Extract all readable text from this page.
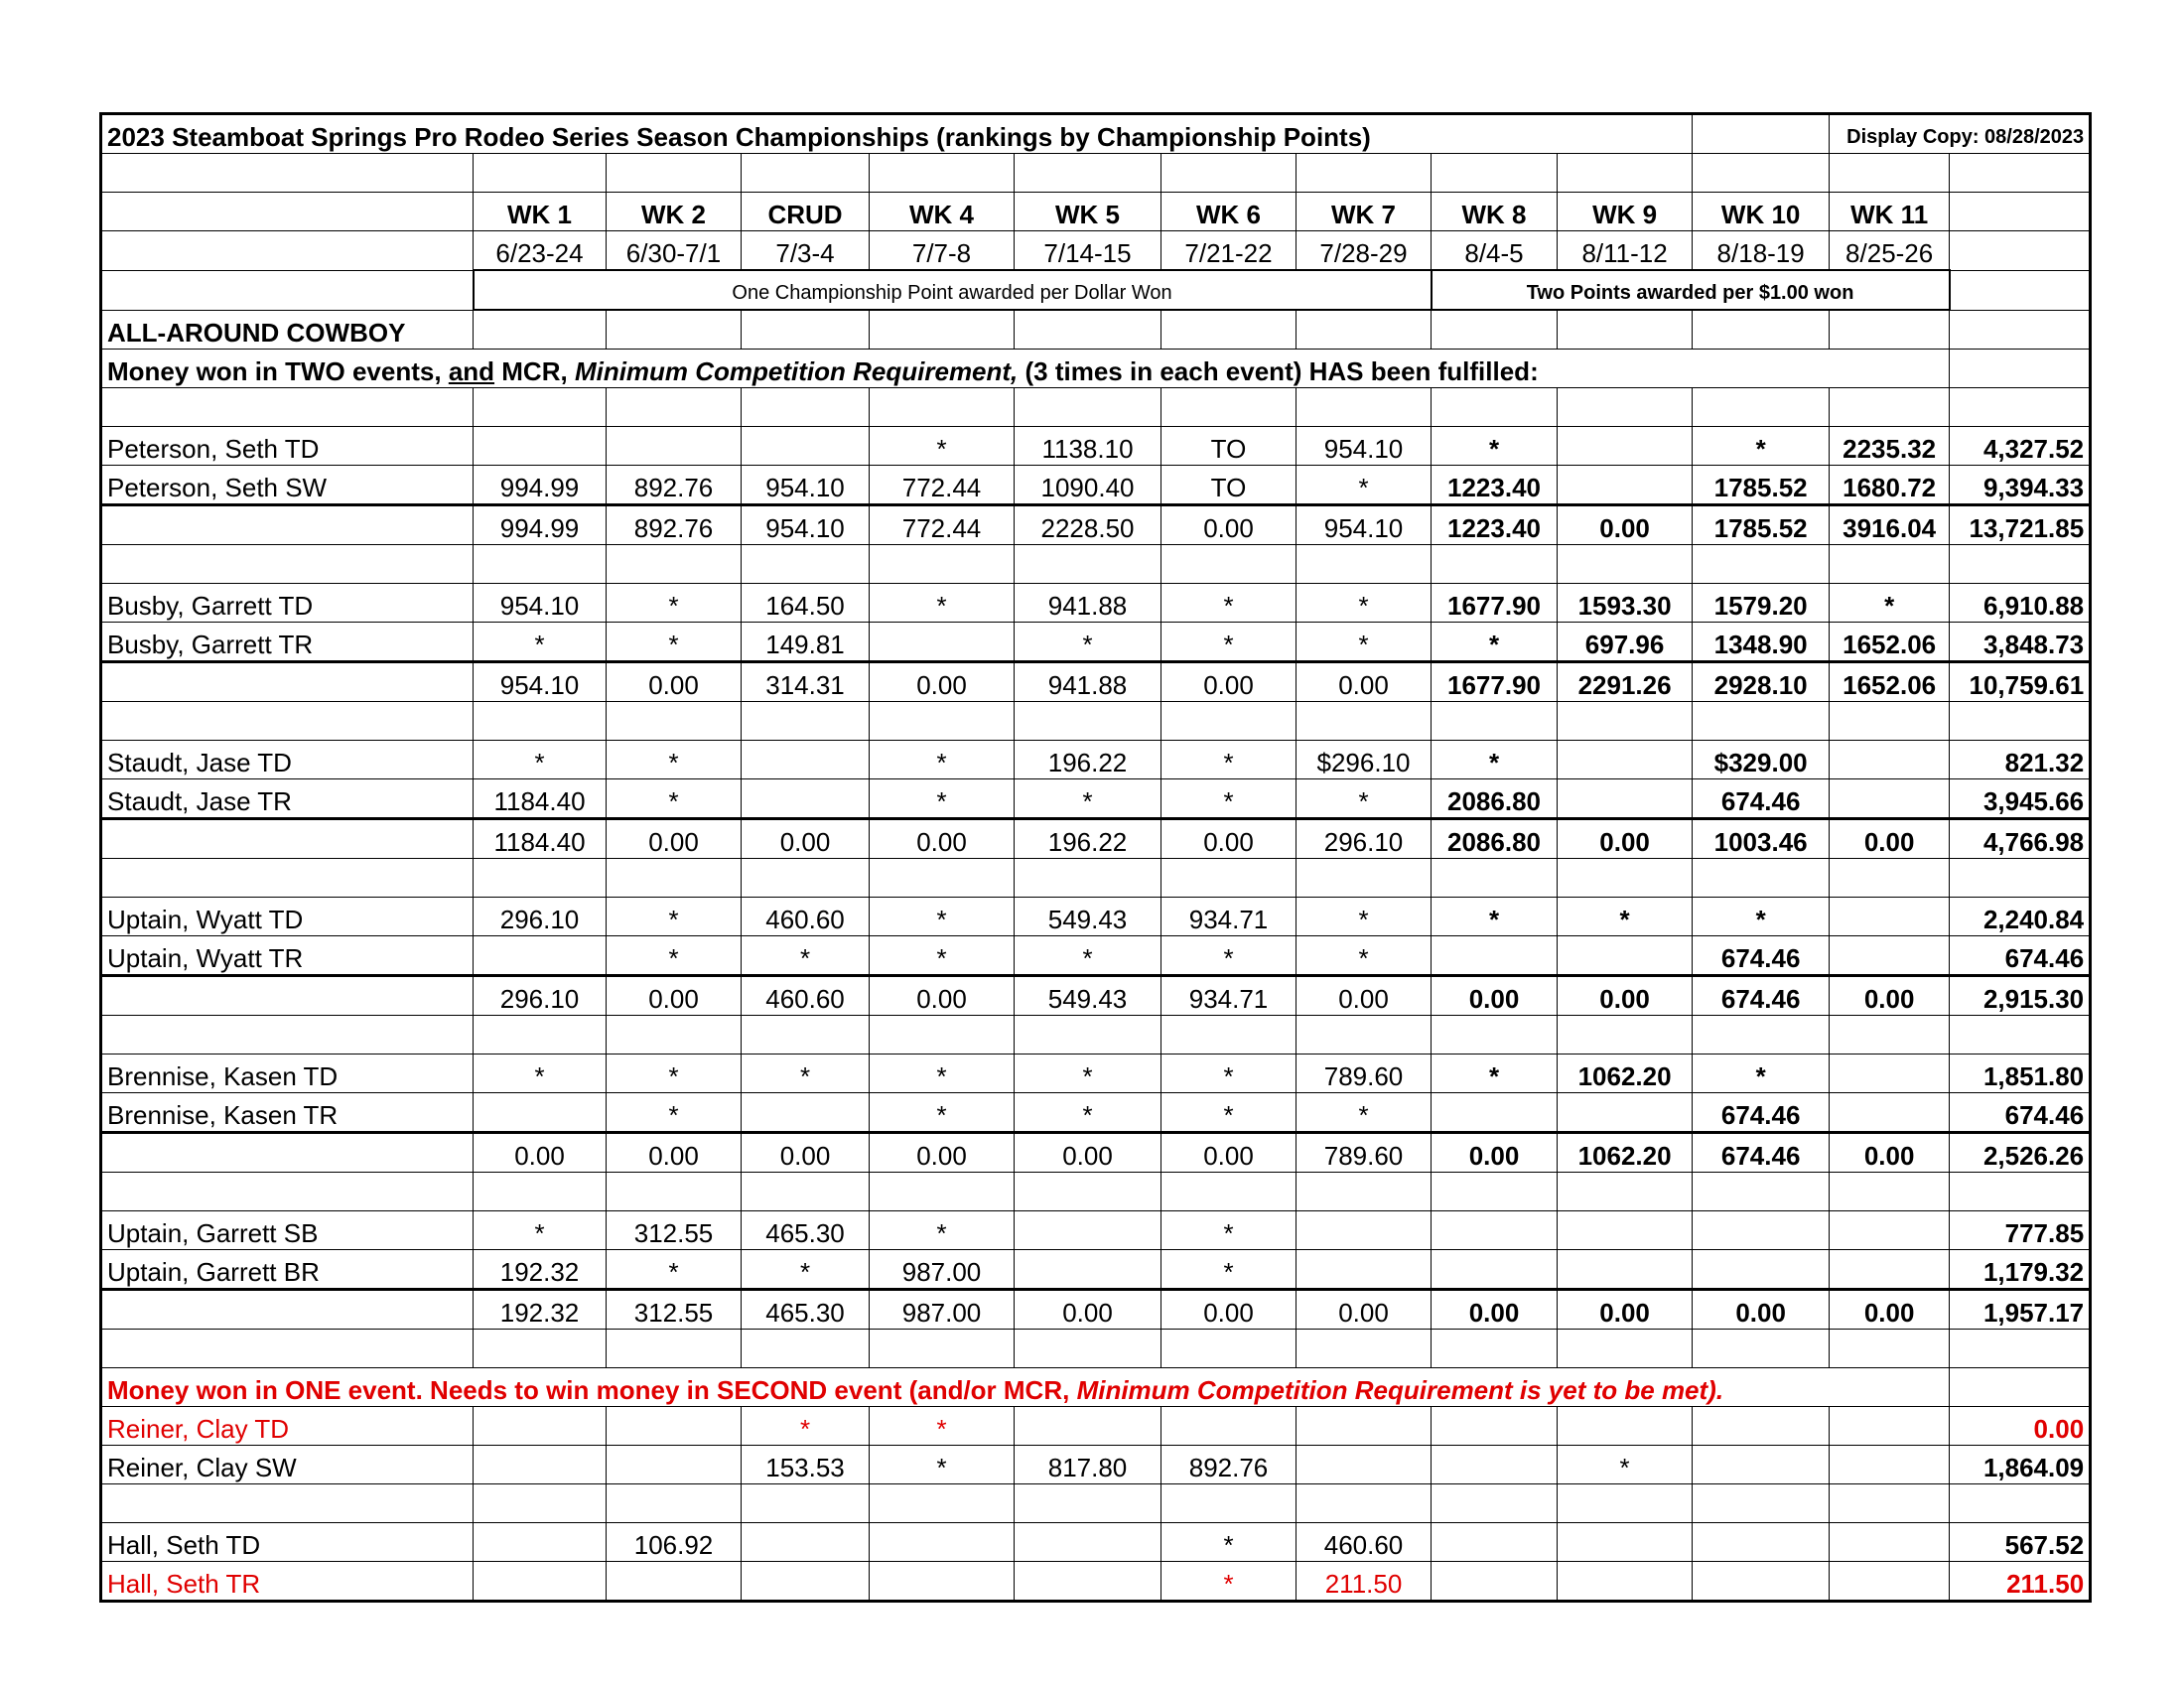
2023 Steamboat Springs Pro Rodeo Series Season Championships (rankings by Championship Points)											Display Copy: 08/28/2023	

	WK 1	WK 2	CRUD	WK 4	WK 5	WK 6	WK 7	WK 8	WK 9	WK 10	WK 11	
	6/23-24	6/30-7/1	7/3-4	7/7-8	7/14-15	7/21-22	7/28-29	8/4-5	8/11-12	8/18-19	8/25-26	
	One Championship Point awarded per Dollar Won							Two Points awarded per $1.00 won				
ALL-AROUND COWBOY												
Money won in TWO events, and MCR, Minimum Competition Requirement, (3 times in each event) HAS been fulfilled:												

Peterson, Seth TD				*	1138.10	TO	954.10	*		*	2235.32	4,327.52
Peterson, Seth SW	994.99	892.76	954.10	772.44	1090.40	TO	*	1223.40		1785.52	1680.72	9,394.33
	994.99	892.76	954.10	772.44	2228.50	0.00	954.10	1223.40	0.00	1785.52	3916.04	13,721.85

Busby, Garrett TD	954.10	*	164.50	*	941.88	*	*	1677.90	1593.30	1579.20	*	6,910.88
Busby, Garrett TR	*	*	149.81		*	*	*	*	697.96	1348.90	1652.06	3,848.73
	954.10	0.00	314.31	0.00	941.88	0.00	0.00	1677.90	2291.26	2928.10	1652.06	10,759.61

Staudt, Jase TD	*	*		*	196.22	*	$296.10	*		$329.00		821.32
Staudt, Jase TR	1184.40	*		*	*	*	*	2086.80		674.46		3,945.66
	1184.40	0.00	0.00	0.00	196.22	0.00	296.10	2086.80	0.00	1003.46	0.00	4,766.98

Uptain, Wyatt TD	296.10	*	460.60	*	549.43	934.71	*	*	*	*		2,240.84
Uptain, Wyatt TR		*	*	*	*	*	*			674.46		674.46
	296.10	0.00	460.60	0.00	549.43	934.71	0.00	0.00	0.00	674.46	0.00	2,915.30

Brennise, Kasen TD	*	*	*	*	*	*	789.60	*	1062.20	*		1,851.80
Brennise, Kasen TR		*		*	*	*	*			674.46		674.46
	0.00	0.00	0.00	0.00	0.00	0.00	789.60	0.00	1062.20	674.46	0.00	2,526.26

Uptain, Garrett SB	*	312.55	465.30	*		*						777.85
Uptain, Garrett BR	192.32	*	*	987.00		*						1,179.32
	192.32	312.55	465.30	987.00	0.00	0.00	0.00	0.00	0.00	0.00	0.00	1,957.17

Money won in ONE event. Needs to win money in SECOND event (and/or MCR, Minimum Competition Requirement is yet to be met).												
Reiner, Clay TD			*	*								0.00
Reiner, Clay SW			153.53	*	817.80	892.76			*			1,864.09

Hall, Seth TD		106.92				*	460.60					567.52
Hall, Seth TR						*	211.50					211.50
